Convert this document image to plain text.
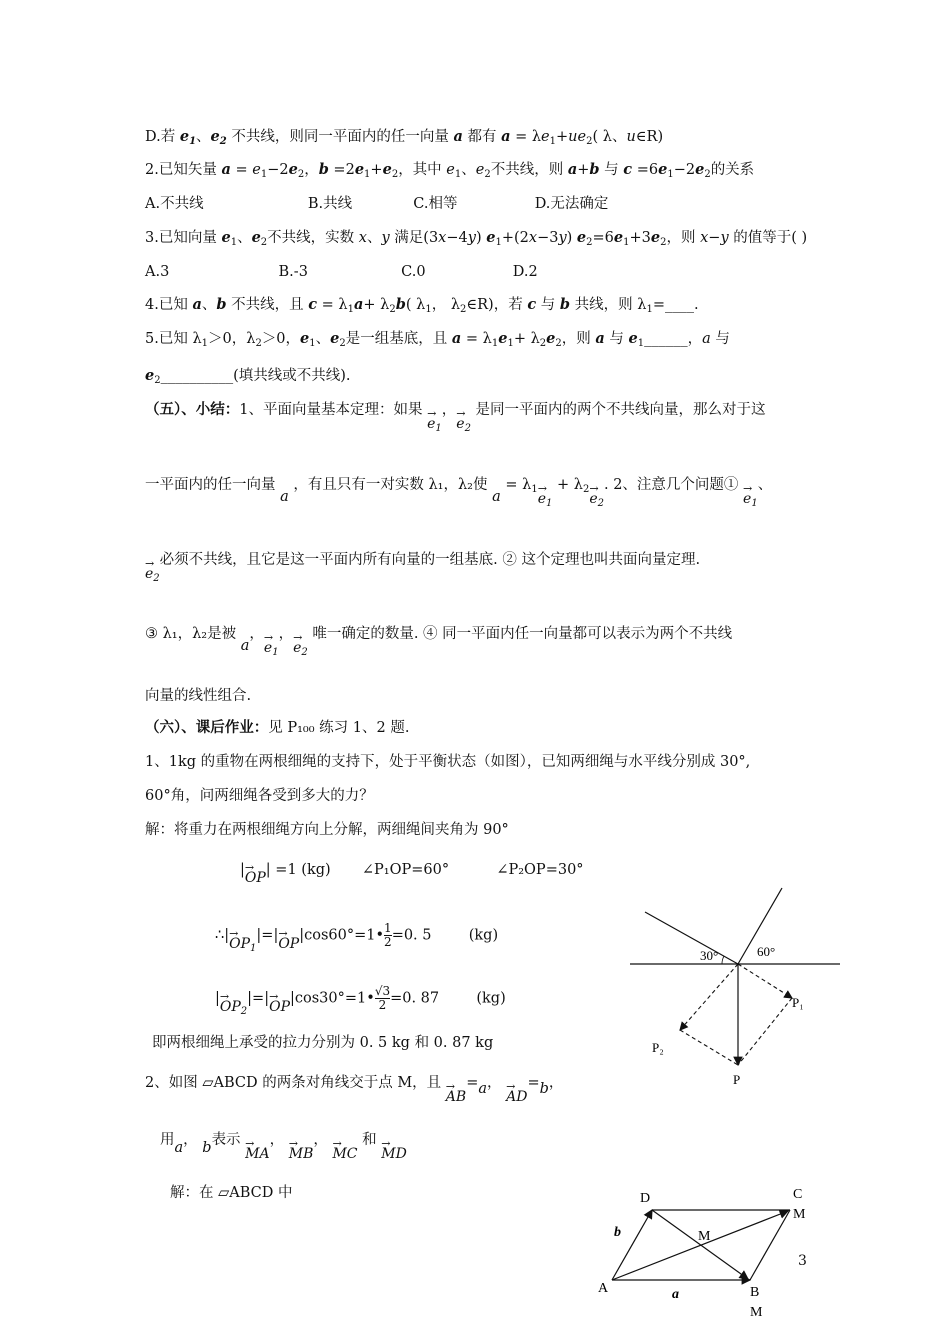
D.若 $e_1$、$e_2$ 不共线，则同一平面内的任一向量 a 都有 $a = \lambda e_1+ue_2$( λ、u∈R)
2.已知矢量 $a = e_1-2e_2$，$b =2e_1+e_2$，其中 $e_1$、$e_2$不共线，则 a+b 与 $c =6e_1-2e_2$的关系
A.不共线	B.共线	C.相等	D.无法确定
3.已知向量 $e_1$、$e_2$不共线，实数 x、y 满足(3x−4y) $e_1+(2x-3y)$ $e_2=6e_1+3e_2$，则 x−y 的值等于( )
A.3	B.-3	C.0	D.2
4.已知 a、b 不共线，且 $c = \lambda_1a+ \lambda_2b$( $\lambda_1$， $\lambda_2\in R$)，若 c 与 b 共线，则 $\lambda_1=\_\_\_\_$.
5.已知 $\lambda_1>0$，$\lambda_2>0$，$e_1$、$e_2$是一组基底，且 $a = \lambda_1e_1+ \lambda_2e_2$，则 a 与 $e_1\_\_\_\_\_\_$，a 与
$e_2\_\_\_\_\_\_\_\_\_\_$(填共线或不共线).
（五）、小结：1、平面向量基本定理：如果 → $e_1$，→ $e_2$ 是同一平面内的两个不共线向量，那么对于这
一平面内的任一向量 a ，有且只有一对实数 λ₁，λ₂使 $a = \lambda_1\to e_1 + \lambda_2\to e_2$. 2、注意几个问题① → $e_1$、
→ $e_2$必须不共线，且它是这一平面内所有向量的一组基底. ② 这个定理也叫共面向量定理.
③ λ₁，λ₂是被 a，→ $e_1$，→ $e_2$ 唯一确定的数量. ④ 同一平面内任一向量都可以表示为两个不共线
向量的线性组合.
（六）、课后作业：见 P₁₀₀ 练习 1、2 题.
1、1kg 的重物在两根细绳的支持下，处于平衡状态（如图），已知两细绳与水平线分别成 30°,
60°角，问两细绳各受到多大的力？
解：将重力在两根细绳方向上分解，两细绳间夹角为 90°
|→ OP| =1 (kg) ∠P₁OP=60°	∠P₂OP=30°
∴|→ $OP_1|=|\to$ OP|cos60°=1• $\frac{1}{2} =0$. 5	(kg)
|→ $OP_2|=|\to$ OP|cos30°=1• $\frac{√3}{2} =0$. 87	(kg)
即两根细绳上承受的拉力分别为 0. 5 kg 和 0. 87 kg
2、如图 ▱ABCD 的两条对角线交于点 M，且 → AB=a， → AD=b，
用a， b表示 → MA， → MB， → MC 和 → MD
解：在 ▱ABCD 中
30°	60°
P₁
P₂
P
D	C
M
M
A	B
M
a
b
3
